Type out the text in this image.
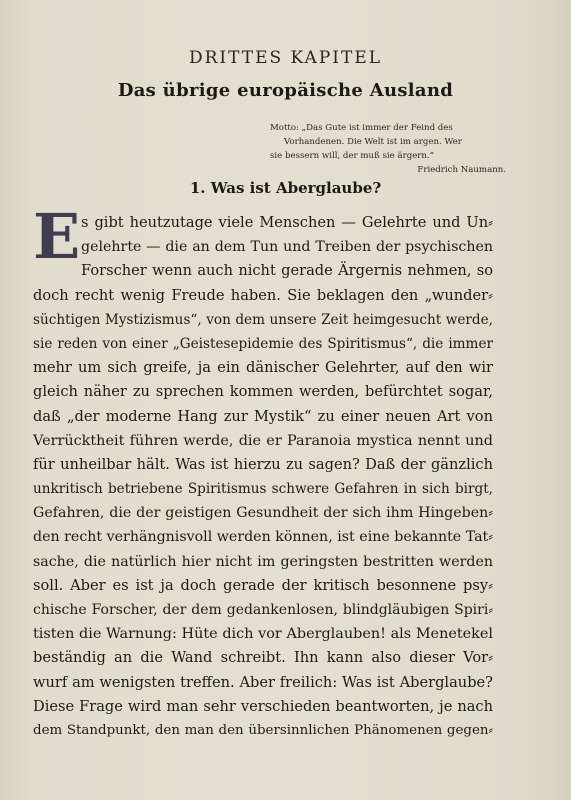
DRITTES KAPITEL
Das übrige europäische Ausland
Motto: „Das Gute ist immer der Feind des
Vorhandenen. Die Welt ist im argen. Wer
sie bessern will, der muß sie ärgern.“
Friedrich Naumann.
1. Was ist Aberglaube?
E s gibt heutzutage viele Menschen — Gelehrte und Un⸗
gelehrte — die an dem Tun und Treiben der psychischen
Forscher wenn auch nicht gerade Ärgernis nehmen, so
doch recht wenig Freude haben. Sie beklagen den „wunder⸗
süchtigen Mystizismus“, von dem unsere Zeit heimgesucht werde,
sie reden von einer „Geistesepidemie des Spiritismus“, die immer
mehr um sich greife, ja ein dänischer Gelehrter, auf den wir
gleich näher zu sprechen kommen werden, befürchtet sogar,
daß „der moderne Hang zur Mystik“ zu einer neuen Art von
Verrücktheit führen werde, die er Paranoia mystica nennt und
für unheilbar hält. Was ist hierzu zu sagen? Daß der gänzlich
unkritisch betriebene Spiritismus schwere Gefahren in sich birgt,
Gefahren, die der geistigen Gesundheit der sich ihm Hingeben⸗
den recht verhängnisvoll werden können, ist eine bekannte Tat⸗
sache, die natürlich hier nicht im geringsten bestritten werden
soll. Aber es ist ja doch gerade der kritisch besonnene psy⸗
chische Forscher, der dem gedankenlosen, blindgläubigen Spiri⸗
tisten die Warnung: Hüte dich vor Aberglauben! als Menetekel
beständig an die Wand schreibt. Ihn kann also dieser Vor⸗
wurf am wenigsten treffen. Aber freilich: Was ist Aberglaube?
Diese Frage wird man sehr verschieden beantworten, je nach
dem Standpunkt, den man den übersinnlichen Phänomenen gegen⸗
